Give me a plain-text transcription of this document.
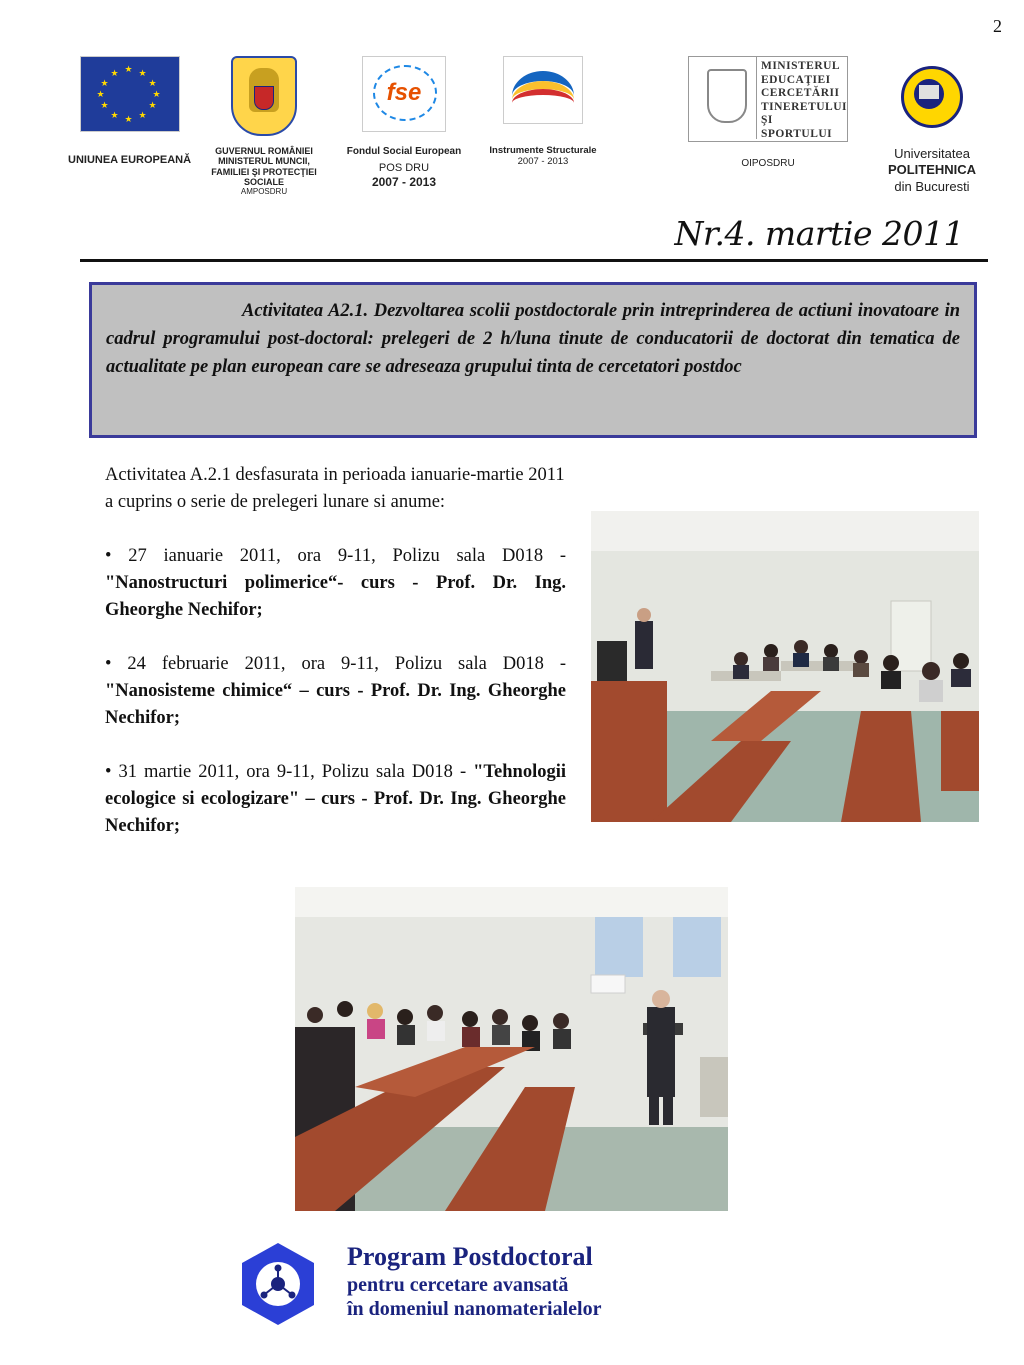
2
★ ★
★
★
★
★
★
★
★
★
★
★
UNIUNEA EUROPEANĂ
GUVERNUL ROMÂNIEI
MINISTERUL MUNCII,
FAMILIEI ŞI PROTECŢIEI
SOCIALE
AMPOSDRU
fse
Fondul Social European
POS DRU
2007 - 2013
Instrumente Structurale
2007 - 2013
MINISTERUL
EDUCAŢIEI
CERCETĂRII
TINERETULUI
ŞI SPORTULUI
OIPOSDRU
Universitatea
POLITEHNICA
din Bucuresti
Nr.4. martie 2011

Activitatea A2.1. Dezvoltarea scolii postdoctorale prin intreprinderea de actiuni inovatoare in cadrul programului post-doctoral: prelegeri de 2 h/luna tinute de conducatorii de doctorat din tematica de actualitate pe plan european care se adreseaza grupului tinta de cercetatori postdoc

Activitatea A.2.1 desfasurata in perioada ianuarie-martie 2011 a cuprins o serie de prelegeri lunare si anume:

• 27 ianuarie 2011, ora 9-11, Polizu sala D018 - "Nanostructuri polimerice“- curs - Prof. Dr. Ing. Gheorghe Nechifor;

• 24 februarie 2011, ora 9-11, Polizu sala D018 - "Nanosisteme chimice“ – curs - Prof. Dr. Ing. Gheorghe Nechifor;

• 31 martie 2011, ora 9-11, Polizu sala D018 - "Tehnologii ecologice si ecologizare" – curs - Prof. Dr. Ing. Gheorghe Nechifor;

Program Postdoctoral
pentru cercetare avansată
în domeniul nanomaterialelor
